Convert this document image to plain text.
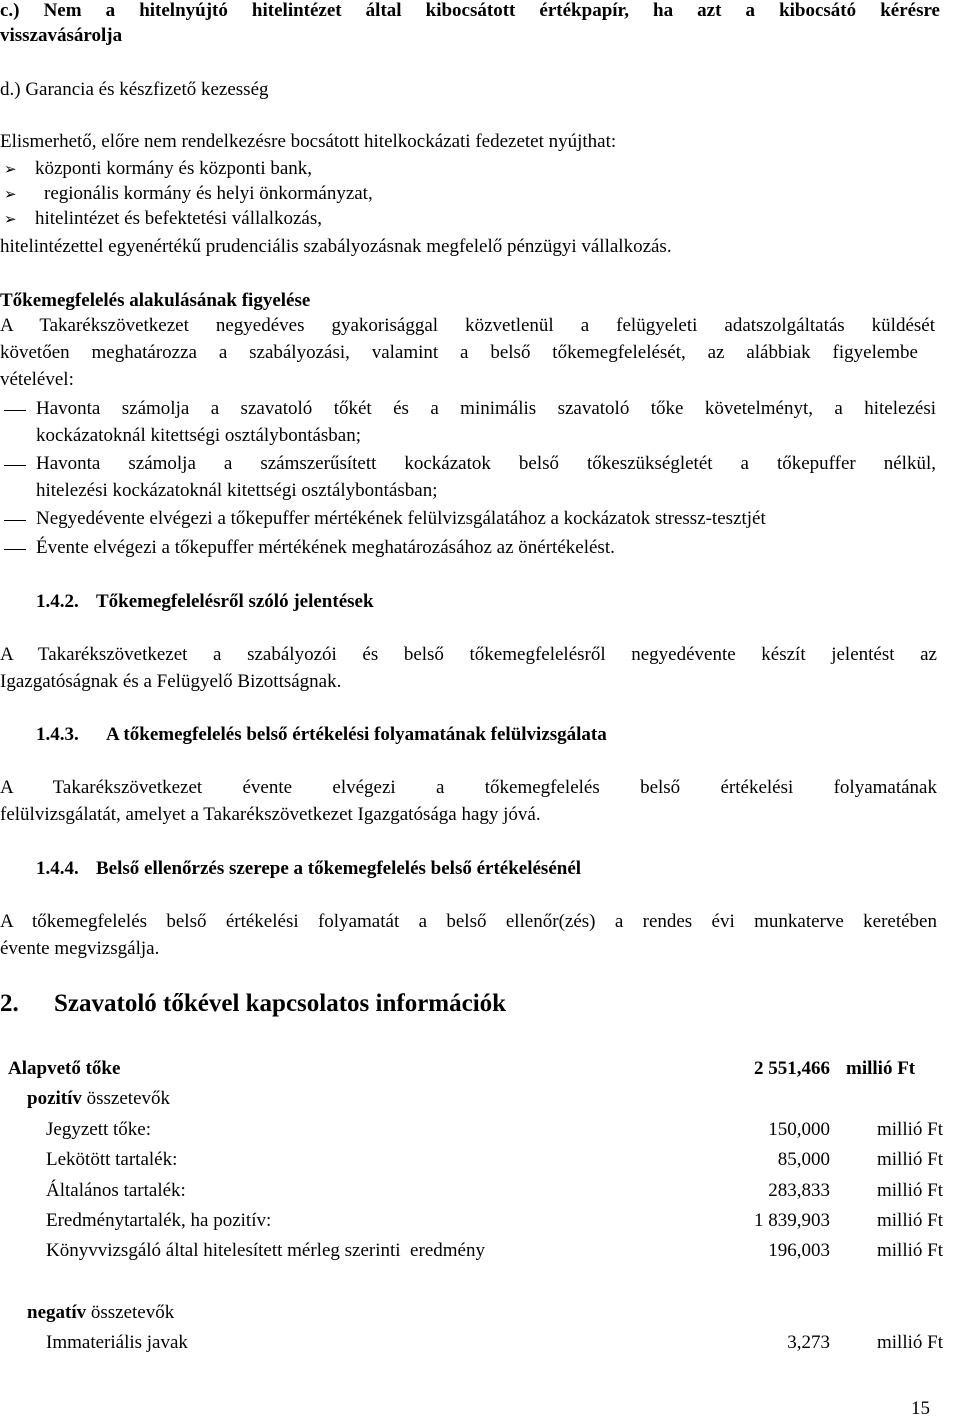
c.) Nem a hitelnyújtó hitelintézet által kibocsátott értékpapír, ha azt a kibocsátó kérésre
visszavásárolja
d.) Garancia és készfizető kezesség
Elismerhető, előre nem rendelkezésre bocsátott hitelkockázati fedezetet nyújthat:
➢ központi kormány és központi bank,
➢ regionális kormány és helyi önkormányzat,
➢ hitelintézet és befektetési vállalkozás,
hitelintézettel egyenértékű prudenciális szabályozásnak megfelelő pénzügyi vállalkozás.
Tőkemegfelelés alakulásának figyelése
A Takarékszövetkezet negyedéves gyakorisággal közvetlenül a felügyeleti adatszolgáltatás küldését
követően meghatározza a szabályozási, valamint a belső tőkemegfelelését, az alábbiak figyelembe
vételével:
Havonta számolja a szavatoló tőkét és a minimális szavatoló tőke követelményt, a hitelezési
kockázatoknál kitettségi osztálybontásban;
Havonta számolja a számszerűsített kockázatok belső tőkeszükségletét a tőkepuffer nélkül,
hitelezési kockázatoknál kitettségi osztálybontásban;
Negyedévente elvégezi a tőkepuffer mértékének felülvizsgálatához a kockázatok stressz-tesztjét
Évente elvégezi a tőkepuffer mértékének meghatározásához az önértékelést.
1.4.2. Tőkemegfelelésről szóló jelentések
A Takarékszövetkezet a szabályozói és belső tőkemegfelelésről negyedévente készít jelentést az
Igazgatóságnak és a Felügyelő Bizottságnak.
1.4.3. A tőkemegfelelés belső értékelési folyamatának felülvizsgálata
A Takarékszövetkezet évente elvégezi a tőkemegfelelés belső értékelési folyamatának
felülvizsgálatát, amelyet a Takarékszövetkezet Igazgatósága hagy jóvá.
1.4.4. Belső ellenőrzés szerepe a tőkemegfelelés belső értékelésénél
A tőkemegfelelés belső értékelési folyamatát a belső ellenőr(zés) a rendes évi munkaterve keretében
évente megvizsgálja.
2. Szavatoló tőkével kapcsolatos információk
Alapvető tőke	2 551,466 millió Ft
pozitív összetevők
Jegyzett tőke:	150,000 millió Ft
Lekötött tartalék:	85,000 millió Ft
Általános tartalék:	283,833 millió Ft
Eredménytartalék, ha pozitív:	1 839,903 millió Ft
Könyvvizsgáló által hitelesített mérleg szerinti  eredmény	196,003 millió Ft
negatív összetevők
Immateriális javak	3,273 millió Ft
15
